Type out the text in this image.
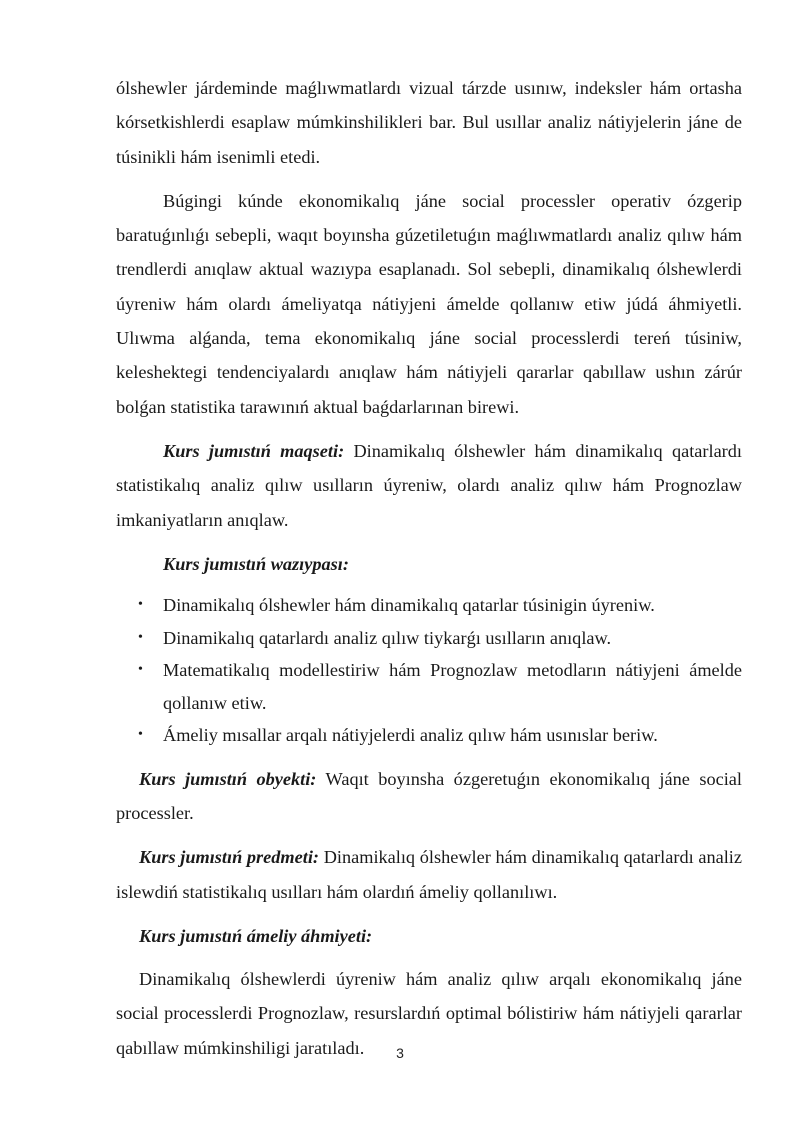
ólshewler járdeminde maǵlıwmatlardı vizual tárzde usınıw, indeksler hám ortasha kórsetkishlerdi esaplaw múmkinshilikleri bar. Bul usıllar analiz nátiyjelerin jáne de túsinikli hám isenimli etedi.

Búgingi kúnde ekonomikalıq jáne social processler operativ ózgerip baratuǵınlıǵı sebepli, waqıt boyınsha gúzetiletuǵın maǵlıwmatlardı analiz qılıw hám trendlerdi anıqlaw aktual wazıypa esaplanadı. Sol sebepli, dinamikalıq ólshewlerdi úyreniw hám olardı ámeliyatqa nátiyjeni ámelde qollanıw etiw júdá áhmiyetli. Ulıwma alǵanda, tema ekonomikalıq jáne social processlerdi tereń túsiniw, keleshektegi tendenciyalardı anıqlaw hám nátiyjeli qararlar qabıllaw ushın zárúr bolǵan statistika tarawınıń aktual baǵdarlarınan birewi.

Kurs jumıstıń maqseti: Dinamikalıq ólshewler hám dinamikalıq qatarlardı statistikalıq analiz qılıw usılların úyreniw, olardı analiz qılıw hám Prognozlaw imkaniyatların anıqlaw.

Kurs jumıstıń wazıypası:

• Dinamikalıq ólshewler hám dinamikalıq qatarlar túsinigin úyreniw.
• Dinamikalıq qatarlardı analiz qılıw tiykarǵı usılların anıqlaw.
• Matematikalıq modellestiriw hám Prognozlaw metodların nátiyjeni ámelde qollanıw etiw.
• Ámeliy mısallar arqalı nátiyjelerdi analiz qılıw hám usınıslar beriw.

Kurs jumıstıń obyekti: Waqıt boyınsha ózgeretuǵın ekonomikalıq jáne social processler.

Kurs jumıstıń predmeti: Dinamikalıq ólshewler hám dinamikalıq qatarlardı analiz islewdiń statistikalıq usılları hám olardıń ámeliy qollanılıwı.

Kurs jumıstıń ámeliy áhmiyeti:

Dinamikalıq ólshewlerdi úyreniw hám analiz qılıw arqalı ekonomikalıq jáne social processlerdi Prognozlaw, resurslardıń optimal bólistiriw hám nátiyjeli qararlar qabıllaw múmkinshiligi jaratıladı.	3
